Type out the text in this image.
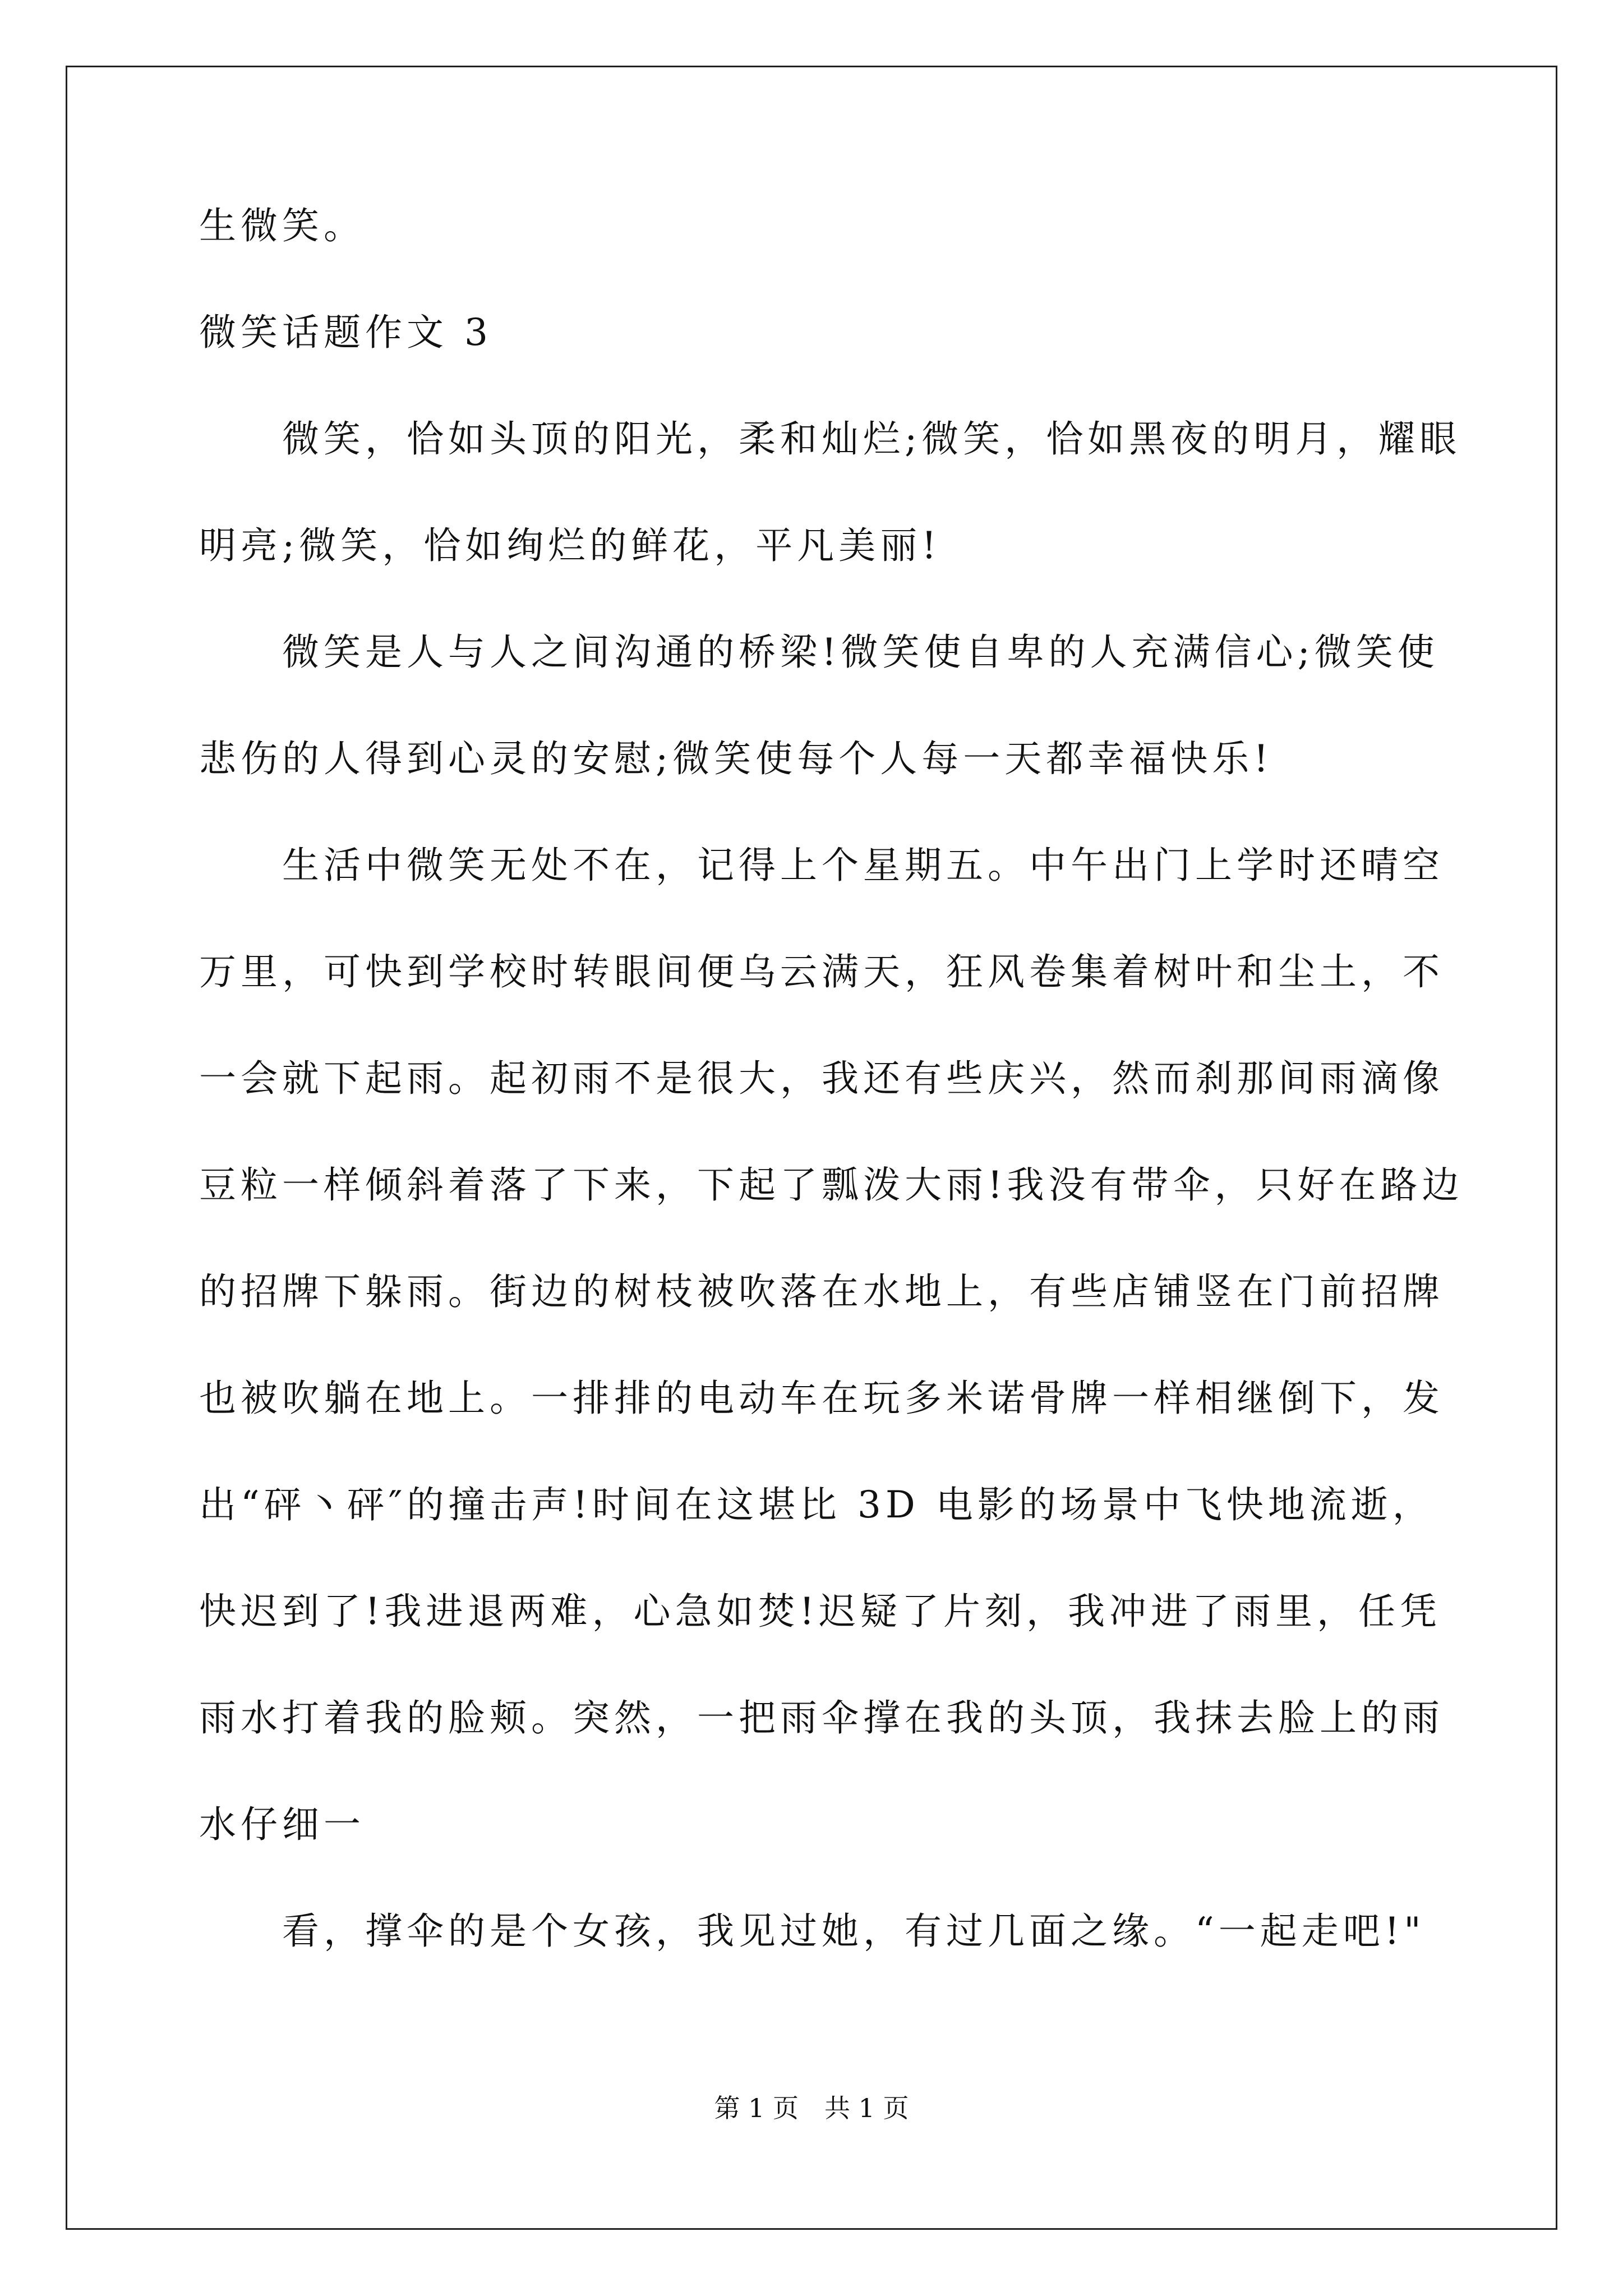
生微笑。
微笑话题作文 3
微笑，恰如头顶的阳光，柔和灿烂;微笑，恰如黑夜的明月，耀眼
明亮;微笑，恰如绚烂的鲜花，平凡美丽!
微笑是人与人之间沟通的桥梁!微笑使自卑的人充满信心;微笑使
悲伤的人得到心灵的安慰;微笑使每个人每一天都幸福快乐!
生活中微笑无处不在，记得上个星期五。中午出门上学时还晴空
万里，可快到学校时转眼间便乌云满天，狂风卷集着树叶和尘土，不
一会就下起雨。起初雨不是很大，我还有些庆兴，然而刹那间雨滴像
豆粒一样倾斜着落了下来，下起了瓢泼大雨!我没有带伞，只好在路边
的招牌下躲雨。街边的树枝被吹落在水地上，有些店铺竖在门前招牌
也被吹躺在地上。一排排的电动车在玩多米诺骨牌一样相继倒下，发
出“砰丶砰″的撞击声!时间在这堪比 3D 电影的场景中飞快地流逝，
快迟到了!我进退两难，心急如焚!迟疑了片刻，我冲进了雨里，任凭
雨水打着我的脸颊。突然，一把雨伞撑在我的头顶，我抹去脸上的雨
水仔细一
看，撑伞的是个女孩，我见过她，有过几面之缘。“一起走吧!"
第 1 页　共 1 页
